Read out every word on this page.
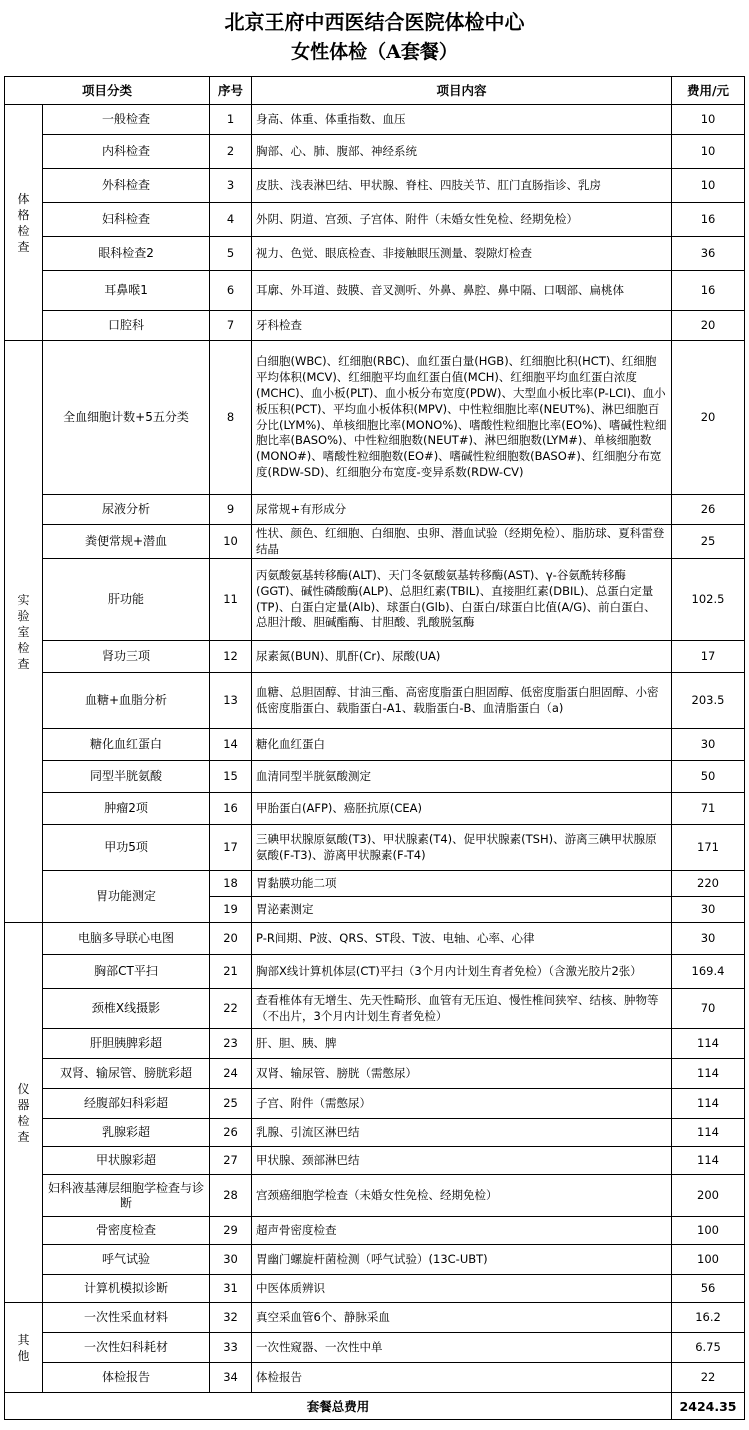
北京王府中西医结合医院体检中心
女性体检（A套餐）
项目分类		序号	项目内容	费用/元

体格检查	一般检查	1	身高、体重、体重指数、血压	10
	内科检查	2	胸部、心、肺、腹部、神经系统	10
	外科检查	3	皮肤、浅表淋巴结、甲状腺、脊柱、四肢关节、肛门直肠指诊、乳房	10
	妇科检查	4	外阴、阴道、宫颈、子宫体、附件（未婚女性免检、经期免检）	16
	眼科检查2	5	视力、色觉、眼底检查、非接触眼压测量、裂隙灯检查	36
	耳鼻喉1	6	耳廓、外耳道、鼓膜、音叉测听、外鼻、鼻腔、鼻中隔、口咽部、扁桃体	16
	口腔科	7	牙科检查	20

实验室检查	全血细胞计数+5五分类	8	白细胞(WBC)、红细胞(RBC)、血红蛋白量(HGB)、红细胞比积(HCT)、红细胞平均体积(MCV)、红细胞平均血红蛋白值(MCH)、红细胞平均血红蛋白浓度(MCHC)、血小板(PLT)、血小板分布宽度(PDW)、大型血小板比率(P-LCI)、血小板压积(PCT)、平均血小板体积(MPV)、中性粒细胞比率(NEUT%)、淋巴细胞百分比(LYM%)、单核细胞比率(MONO%)、嗜酸性粒细胞比率(EO%)、嗜碱性粒细胞比率(BASO%)、中性粒细胞数(NEUT#)、淋巴细胞数(LYM#)、单核细胞数(MONO#)、嗜酸性粒细胞数(EO#)、嗜碱性粒细胞数(BASO#)、红细胞分布宽度(RDW-SD)、红细胞分布宽度-变异系数(RDW-CV)	20
	尿液分析	9	尿常规+有形成分	26
	粪便常规+潜血	10	性状、颜色、红细胞、白细胞、虫卵、潜血试验（经期免检）、脂肪球、夏科雷登结晶	25
	肝功能	11	丙氨酸氨基转移酶(ALT)、天门冬氨酸氨基转移酶(AST)、γ-谷氨酰转移酶(GGT)、碱性磷酸酶(ALP)、总胆红素(TBIL)、直接胆红素(DBIL)、总蛋白定量(TP)、白蛋白定量(Alb)、球蛋白(Glb)、白蛋白/球蛋白比值(A/G)、前白蛋白、总胆汁酸、胆碱酯酶、甘胆酸、乳酸脱氢酶	102.5
	肾功三项	12	尿素氮(BUN)、肌酐(Cr)、尿酸(UA)	17
	血糖+血脂分析	13	血糖、总胆固醇、甘油三酯、高密度脂蛋白胆固醇、低密度脂蛋白胆固醇、小密低密度脂蛋白、载脂蛋白-A1、载脂蛋白-B、血清脂蛋白（a)	203.5
	糖化血红蛋白	14	糖化血红蛋白	30
	同型半胱氨酸	15	血清同型半胱氨酸测定	50
	肿瘤2项	16	甲胎蛋白(AFP)、癌胚抗原(CEA)	71
	甲功5项	17	三碘甲状腺原氨酸(T3)、甲状腺素(T4)、促甲状腺素(TSH)、游离三碘甲状腺原氨酸(F-T3)、游离甲状腺素(F-T4)	171
	胃功能测定	18	胃黏膜功能二项	220
		19	胃泌素测定	30

仪器检查	电脑多导联心电图	20	P-R间期、P波、QRS、ST段、T波、电轴、心率、心律	30
	胸部CT平扫	21	胸部X线计算机体层(CT)平扫（3个月内计划生育者免检）（含激光胶片2张）	169.4
	颈椎X线摄影	22	查看椎体有无增生、先天性畸形、血管有无压迫、慢性椎间狭窄、结核、肿物等（不出片，3个月内计划生育者免检）	70
	肝胆胰脾彩超	23	肝、胆、胰、脾	114
	双肾、输尿管、膀胱彩超	24	双肾、输尿管、膀胱（需憋尿）	114
	经腹部妇科彩超	25	子宫、附件（需憋尿）	114
	乳腺彩超	26	乳腺、引流区淋巴结	114
	甲状腺彩超	27	甲状腺、颈部淋巴结	114
	妇科液基薄层细胞学检查与诊断	28	宫颈癌细胞学检查（未婚女性免检、经期免检）	200
	骨密度检查	29	超声骨密度检查	100
	呼气试验	30	胃幽门螺旋杆菌检测（呼气试验）(13C-UBT)	100
	计算机模拟诊断	31	中医体质辨识	56

其他	一次性采血材料	32	真空采血管6个、静脉采血	16.2
	一次性妇科耗材	33	一次性窥器、一次性中单	6.75
	体检报告	34	体检报告	22
套餐总费用				2424.35
